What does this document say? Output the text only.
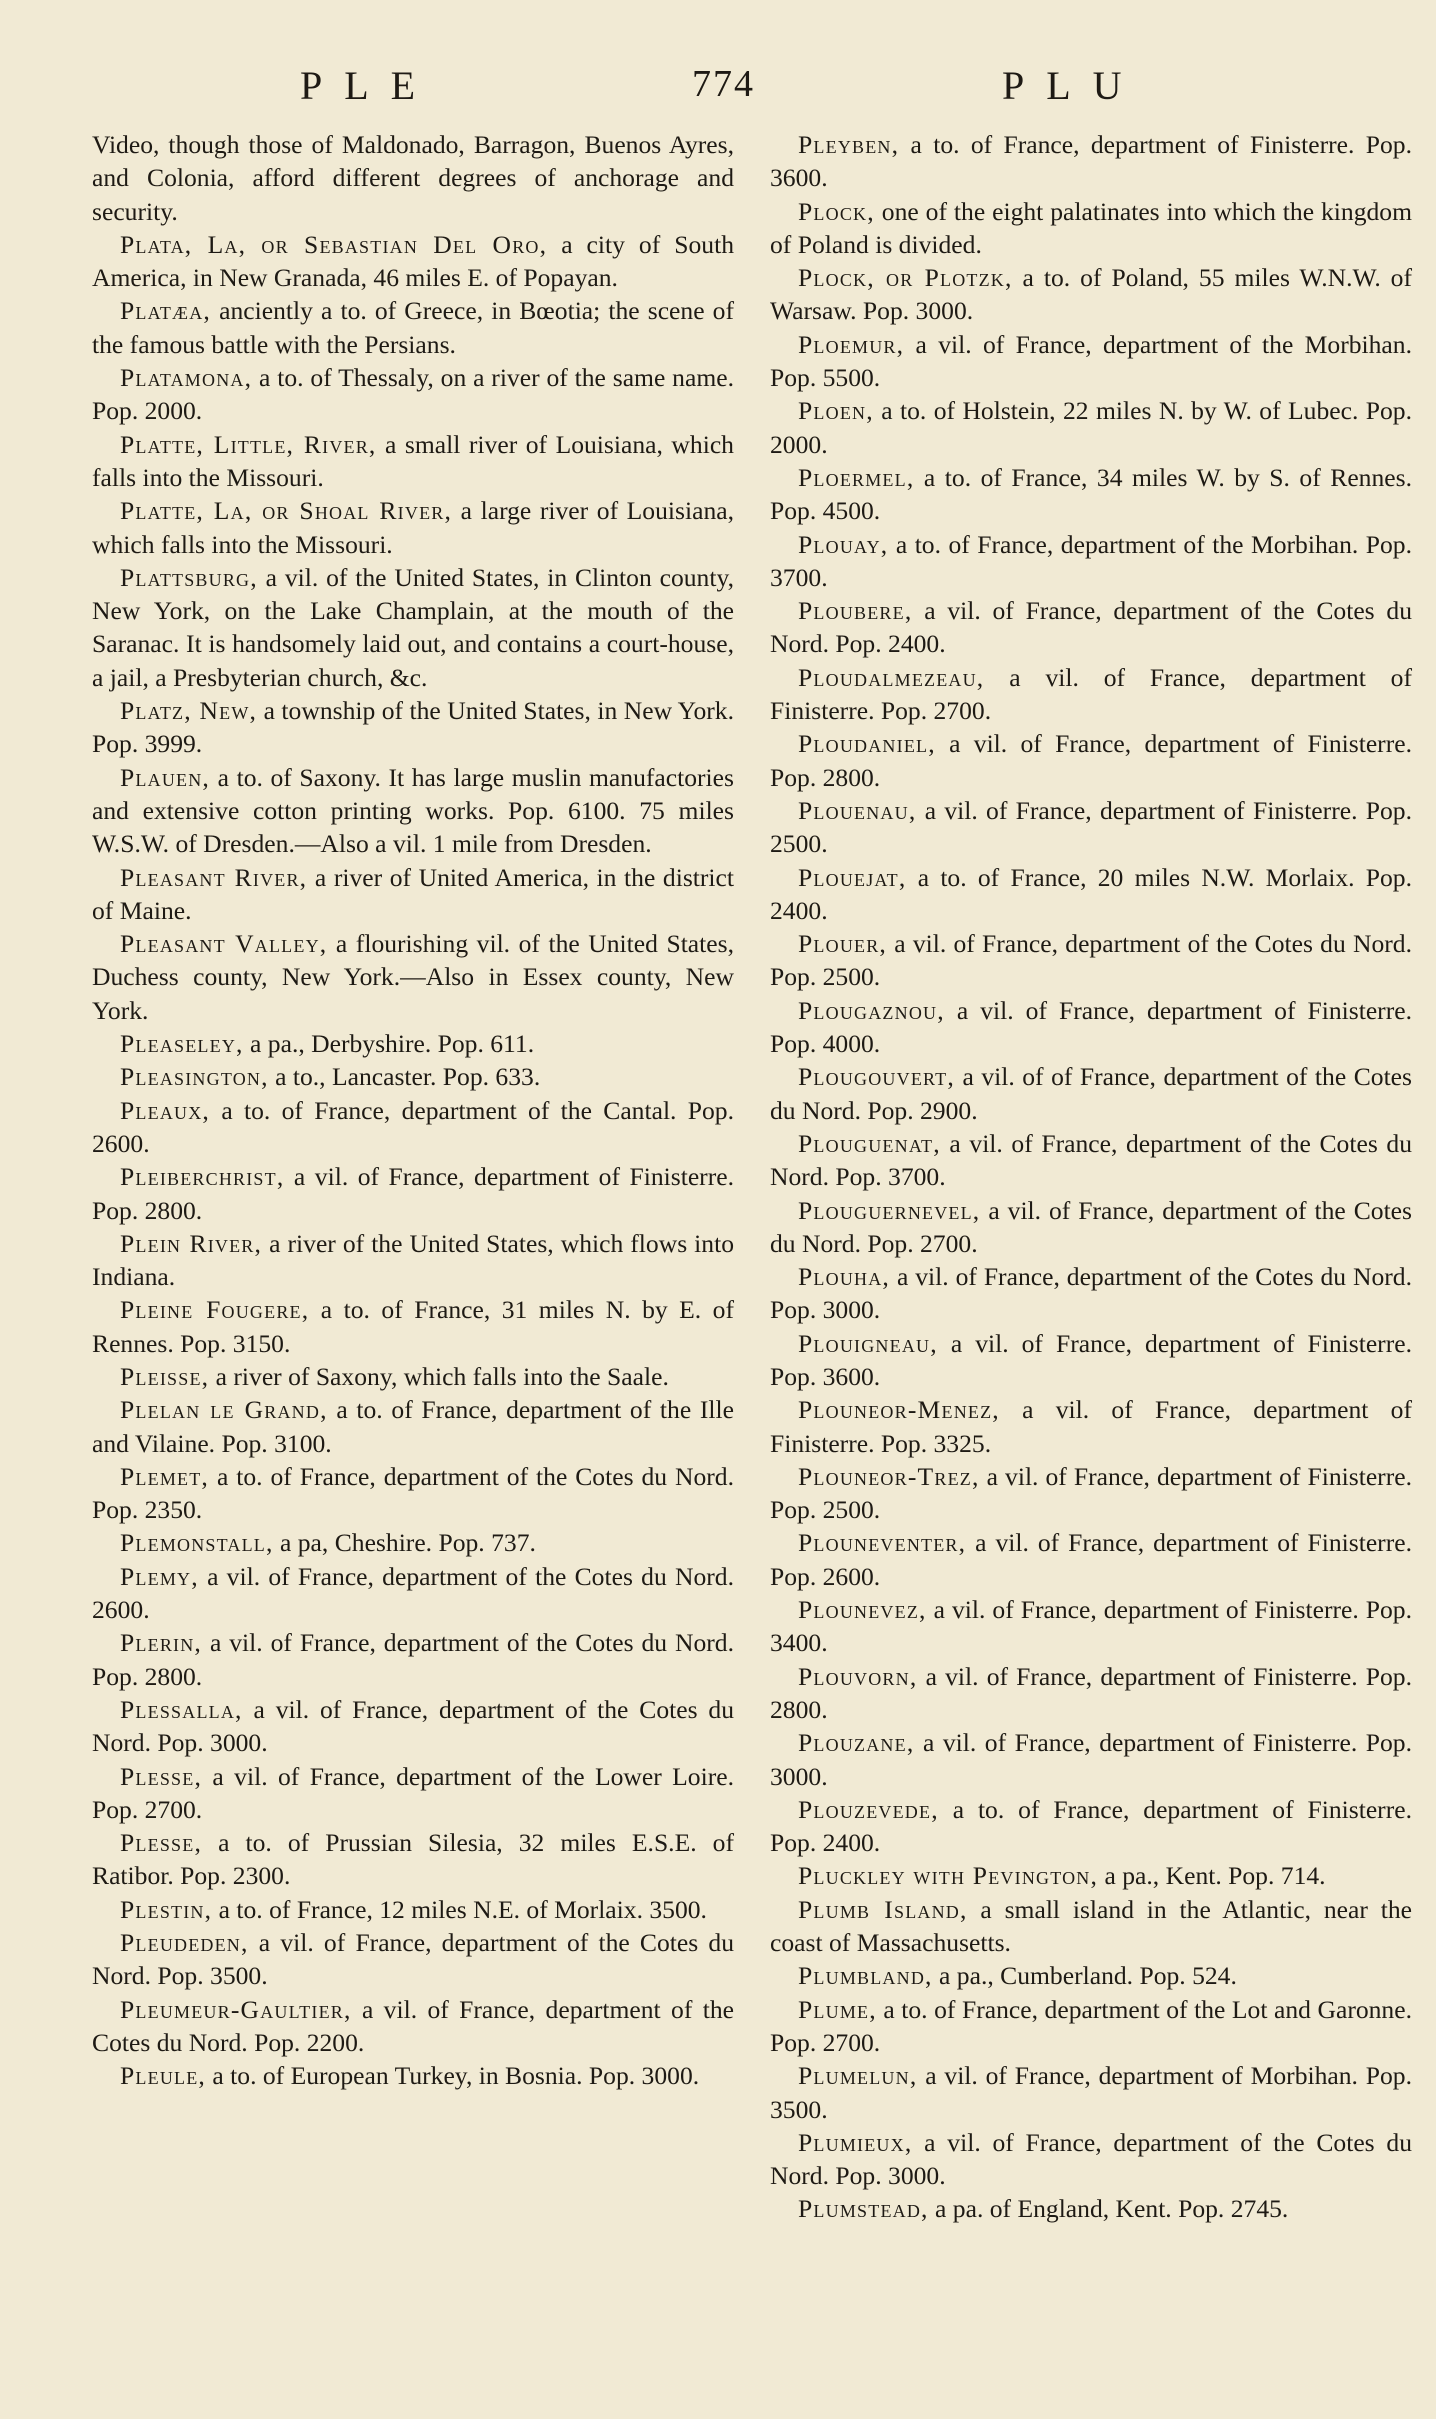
PLE	774	PLU

Video, though those of Maldonado, Barragon, Buenos Ayres, and Colonia, afford different degrees of anchorage and security.

Plata, La, or Sebastian Del Oro, a city of South America, in New Granada, 46 miles E. of Popayan.

Platæa, anciently a to. of Greece, in Bœotia; the scene of the famous battle with the Persians.

Platamona, a to. of Thessaly, on a river of the same name. Pop. 2000.

Platte, Little, River, a small river of Louisiana, which falls into the Missouri.

Platte, La, or Shoal River, a large river of Louisiana, which falls into the Missouri.

Plattsburg, a vil. of the United States, in Clinton county, New York, on the Lake Champlain, at the mouth of the Saranac. It is handsomely laid out, and contains a court-house, a jail, a Presbyterian church, &c.

Platz, New, a township of the United States, in New York. Pop. 3999.

Plauen, a to. of Saxony. It has large muslin manufactories and extensive cotton printing works. Pop. 6100. 75 miles W.S.W. of Dresden.—Also a vil. 1 mile from Dresden.

Pleasant River, a river of United America, in the district of Maine.

Pleasant Valley, a flourishing vil. of the United States, Duchess county, New York.—Also in Essex county, New York.

Pleaseley, a pa., Derbyshire. Pop. 611.

Pleasington, a to., Lancaster. Pop. 633.

Pleaux, a to. of France, department of the Cantal. Pop. 2600.

Pleiberchrist, a vil. of France, department of Finisterre. Pop. 2800.

Plein River, a river of the United States, which flows into Indiana.

Pleine Fougere, a to. of France, 31 miles N. by E. of Rennes. Pop. 3150.

Pleisse, a river of Saxony, which falls into the Saale.

Plelan le Grand, a to. of France, department of the Ille and Vilaine. Pop. 3100.

Plemet, a to. of France, department of the Cotes du Nord. Pop. 2350.

Plemonstall, a pa, Cheshire. Pop. 737.

Plemy, a vil. of France, department of the Cotes du Nord. 2600.

Plerin, a vil. of France, department of the Cotes du Nord. Pop. 2800.

Plessalla, a vil. of France, department of the Cotes du Nord. Pop. 3000.

Plesse, a vil. of France, department of the Lower Loire. Pop. 2700.

Plesse, a to. of Prussian Silesia, 32 miles E.S.E. of Ratibor. Pop. 2300.

Plestin, a to. of France, 12 miles N.E. of Morlaix. 3500.

Pleudeden, a vil. of France, department of the Cotes du Nord. Pop. 3500.

Pleumeur-Gaultier, a vil. of France, department of the Cotes du Nord. Pop. 2200.

Pleule, a to. of European Turkey, in Bosnia. Pop. 3000.

Pleyben, a to. of France, department of Finisterre. Pop. 3600.

Plock, one of the eight palatinates into which the kingdom of Poland is divided.

Plock, or Plotzk, a to. of Poland, 55 miles W.N.W. of Warsaw. Pop. 3000.

Ploemur, a vil. of France, department of the Morbihan. Pop. 5500.

Ploen, a to. of Holstein, 22 miles N. by W. of Lubec. Pop. 2000.

Ploermel, a to. of France, 34 miles W. by S. of Rennes. Pop. 4500.

Plouay, a to. of France, department of the Morbihan. Pop. 3700.

Ploubere, a vil. of France, department of the Cotes du Nord. Pop. 2400.

Ploudalmezeau, a vil. of France, department of Finisterre. Pop. 2700.

Ploudaniel, a vil. of France, department of Finisterre. Pop. 2800.

Plouenau, a vil. of France, department of Finisterre. Pop. 2500.

Plouejat, a to. of France, 20 miles N.W. Morlaix. Pop. 2400.

Plouer, a vil. of France, department of the Cotes du Nord. Pop. 2500.

Plougaznou, a vil. of France, department of Finisterre. Pop. 4000.

Plougouvert, a vil. of of France, department of the Cotes du Nord. Pop. 2900.

Plouguenat, a vil. of France, department of the Cotes du Nord. Pop. 3700.

Plouguernevel, a vil. of France, department of the Cotes du Nord. Pop. 2700.

Plouha, a vil. of France, department of the Cotes du Nord. Pop. 3000.

Plouigneau, a vil. of France, department of Finisterre. Pop. 3600.

Plouneor-Menez, a vil. of France, department of Finisterre. Pop. 3325.

Plouneor-Trez, a vil. of France, department of Finisterre. Pop. 2500.

Plouneventer, a vil. of France, department of Finisterre. Pop. 2600.

Plounevez, a vil. of France, department of Finisterre. Pop. 3400.

Plouvorn, a vil. of France, department of Finisterre. Pop. 2800.

Plouzane, a vil. of France, department of Finisterre. Pop. 3000.

Plouzevede, a to. of France, department of Finisterre. Pop. 2400.

Pluckley with Pevington, a pa., Kent. Pop. 714.

Plumb Island, a small island in the Atlantic, near the coast of Massachusetts.

Plumbland, a pa., Cumberland. Pop. 524.

Plume, a to. of France, department of the Lot and Garonne. Pop. 2700.

Plumelun, a vil. of France, department of Morbihan. Pop. 3500.

Plumieux, a vil. of France, department of the Cotes du Nord. Pop. 3000.

Plumstead, a pa. of England, Kent. Pop. 2745.
